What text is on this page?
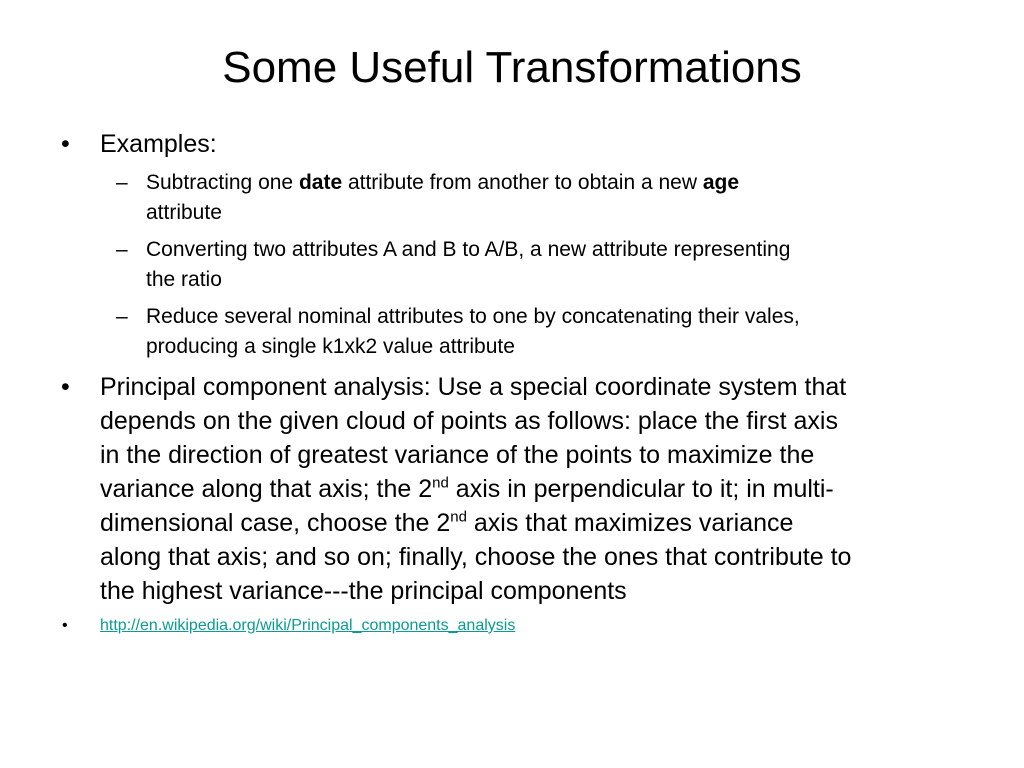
Some Useful Transformations
• Examples:
– Subtracting one date attribute from another to obtain a new age
attribute
– Converting two attributes A and B to A/B, a new attribute representing
the ratio
– Reduce several nominal attributes to one by concatenating their vales,
producing a single k1xk2 value attribute
• Principal component analysis: Use a special coordinate system that
depends on the given cloud of points as follows: place the first axis
in the direction of greatest variance of the points to maximize the
variance along that axis; the 2nd axis in perpendicular to it; in multi-
dimensional case, choose the 2nd axis that maximizes variance
along that axis; and so on; finally, choose the ones that contribute to
the highest variance---the principal components
• http://en.wikipedia.org/wiki/Principal_components_analysis
